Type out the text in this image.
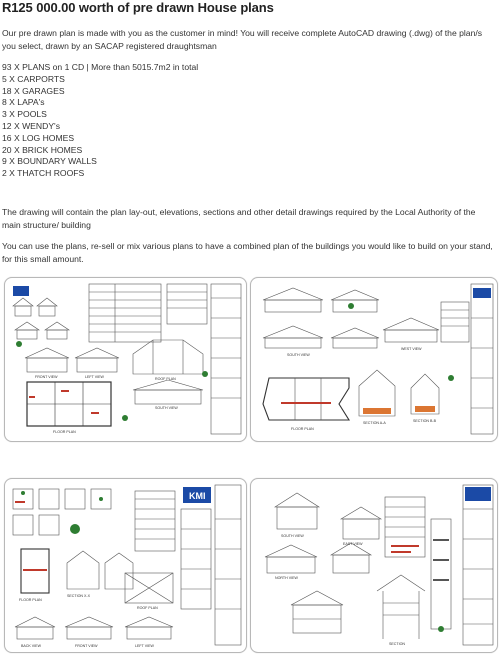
R125 000.00 worth of pre drawn House plans
Our pre drawn plan is made with you as the customer in mind! You will receive complete AutoCAD drawing (.dwg) of the plan/s you select, drawn by an SACAP registered draughtsman
93 X PLANS on 1 CD | More than 5015.7m2 in total
5 X CARPORTS
18 X GARAGES
8 X LAPA's
3 X POOLS
12 X WENDY's
16 X LOG HOMES
20 X BRICK HOMES
9 X BOUNDARY WALLS
2 X THATCH ROOFS
The drawing will contain the plan lay-out, elevations, sections and other detail drawings required by the Local Authority of the main structure/ building
You can use the plans, re-sell or mix various plans to have a combined plan of the buildings you would like to build on your stand, for this small amount.
FLOOR PLAN
LEFT VIEW
SOUTH VIEW
ROOF PLAN
FRONT VIEW
SOUTH VIEW
FLOOR PLAN
SECTION A-A	SECTION B-B
WEST VIEW
KMI
FLOOR PLAN
SECTION X-X
ROOF PLAN
BACK VIEW	FRONT VIEW	LEFT VIEW
SOUTH VIEW
EAST VIEW
NORTH VIEW
SECTION
